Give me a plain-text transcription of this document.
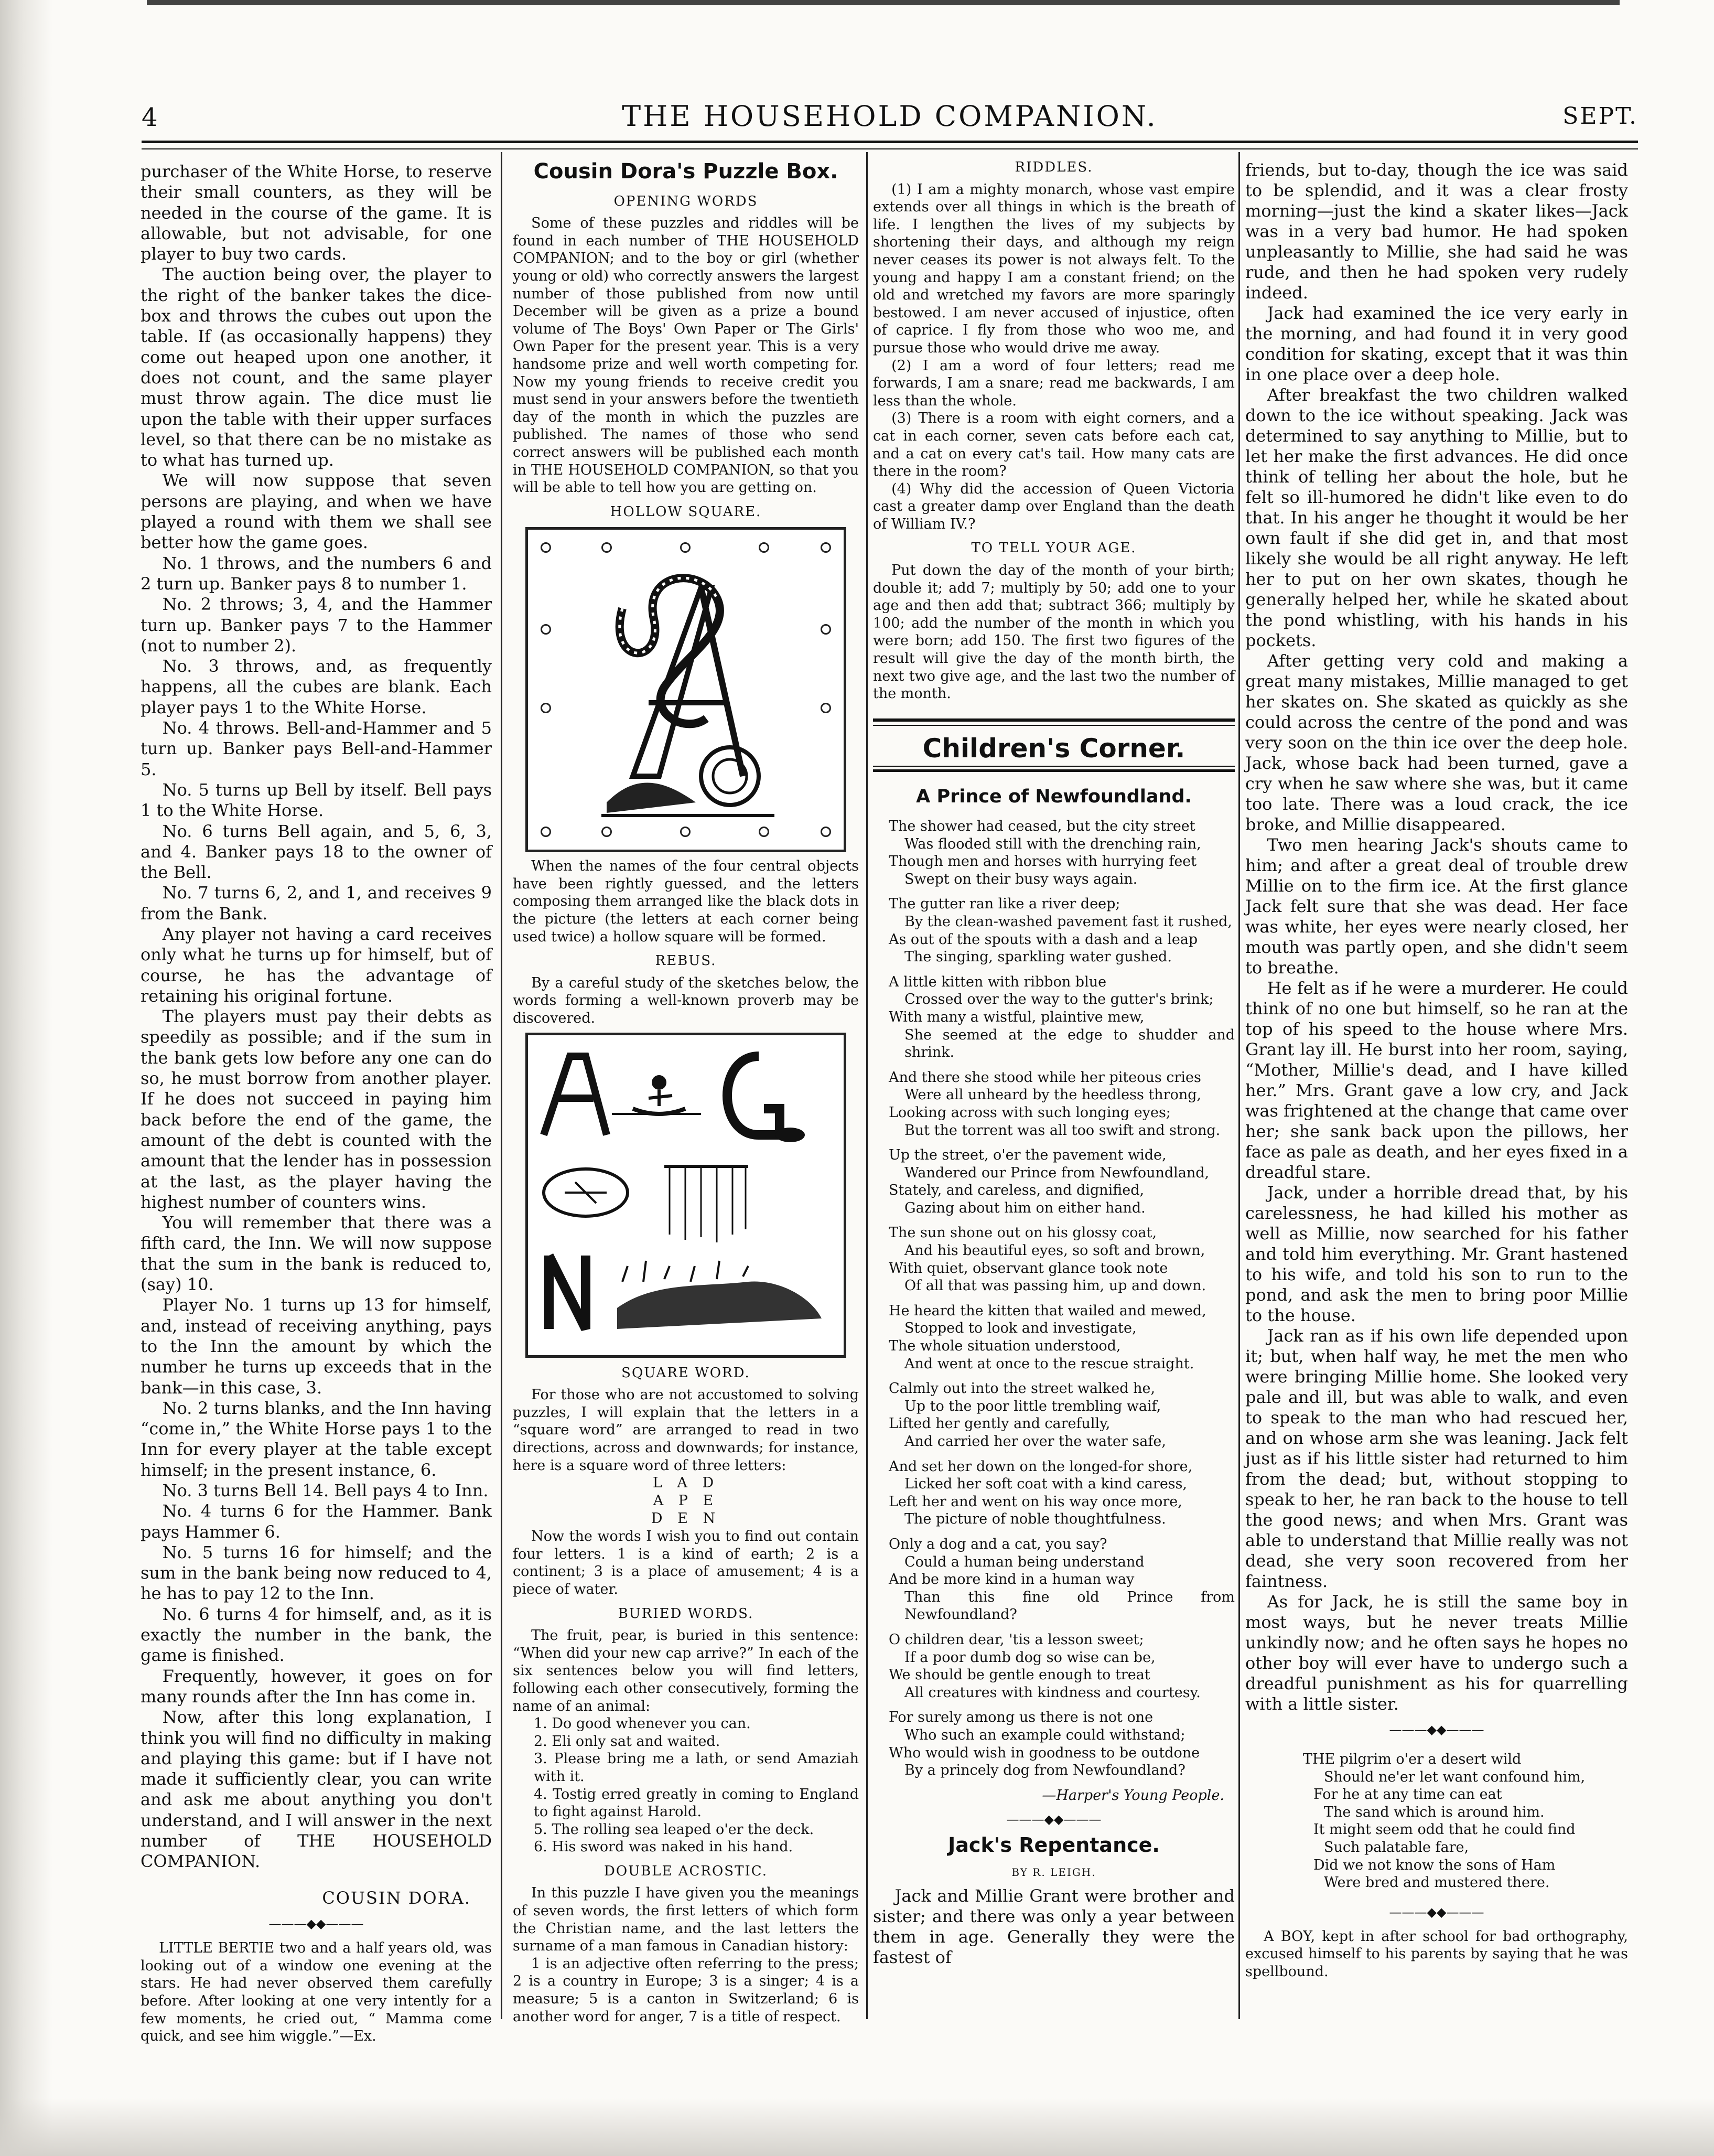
4	THE HOUSEHOLD COMPANION.	SEPT.

purchaser of the White Horse, to reserve their small counters, as they will be needed in the course of the game. It is allowable, but not advisable, for one player to buy two cards.

The auction being over, the player to the right of the banker takes the dice-box and throws the cubes out upon the table. If (as occasionally happens) they come out heaped upon one another, it does not count, and the same player must throw again. The dice must lie upon the table with their upper surfaces level, so that there can be no mistake as to what has turned up.

We will now suppose that seven persons are playing, and when we have played a round with them we shall see better how the game goes.

No. 1 throws, and the numbers 6 and 2 turn up. Banker pays 8 to number 1.

No. 2 throws; 3, 4, and the Hammer turn up. Banker pays 7 to the Hammer (not to number 2).

No. 3 throws, and, as frequently happens, all the cubes are blank. Each player pays 1 to the White Horse.

No. 4 throws. Bell-and-Hammer and 5 turn up. Banker pays Bell-and-Hammer 5.

No. 5 turns up Bell by itself. Bell pays 1 to the White Horse.

No. 6 turns Bell again, and 5, 6, 3, and 4. Banker pays 18 to the owner of the Bell.

No. 7 turns 6, 2, and 1, and receives 9 from the Bank.

Any player not having a card receives only what he turns up for himself, but of course, he has the advantage of retaining his original fortune.

The players must pay their debts as speedily as possible; and if the sum in the bank gets low before any one can do so, he must borrow from another player. If he does not succeed in paying him back before the end of the game, the amount of the debt is counted with the amount that the lender has in possession at the last, as the player having the highest number of counters wins.

You will remember that there was a fifth card, the Inn. We will now suppose that the sum in the bank is reduced to, (say) 10.

Player No. 1 turns up 13 for himself, and, instead of receiving anything, pays to the Inn the amount by which the number he turns up exceeds that in the bank—in this case, 3.

No. 2 turns blanks, and the Inn having “come in,” the White Horse pays 1 to the Inn for every player at the table except himself; in the present instance, 6.

No. 3 turns Bell 14. Bell pays 4 to Inn.

No. 4 turns 6 for the Hammer. Bank pays Hammer 6.

No. 5 turns 16 for himself; and the sum in the bank being now reduced to 4, he has to pay 12 to the Inn.

No. 6 turns 4 for himself, and, as it is exactly the number in the bank, the game is finished.

Frequently, however, it goes on for many rounds after the Inn has come in.

Now, after this long explanation, I think you will find no difficulty in making and playing this game: but if I have not made it sufficiently clear, you can write and ask me about anything you don't understand, and I will answer in the next number of THE HOUSEHOLD COMPANION.

COUSIN DORA.
———◆◆———

LITTLE BERTIE two and a half years old, was looking out of a window one evening at the stars. He had never observed them carefully before. After looking at one very intently for a few moments, he cried out, “ Mamma come quick, and see him wiggle.”—Ex.

Cousin Dora's Puzzle Box.
OPENING WORDS

Some of these puzzles and riddles will be found in each number of THE HOUSEHOLD COMPANION; and to the boy or girl (whether young or old) who correctly answers the largest number of those published from now until December will be given as a prize a bound volume of The Boys' Own Paper or The Girls' Own Paper for the present year. This is a very handsome prize and well worth competing for. Now my young friends to receive credit you must send in your answers before the twentieth day of the month in which the puzzles are published. The names of those who send correct answers will be published each month in THE HOUSEHOLD COMPANION, so that you will be able to tell how you are getting on.

HOLLOW SQUARE.

When the names of the four central objects have been rightly guessed, and the letters composing them arranged like the black dots in the picture (the letters at each corner being used twice) a hollow square will be formed.

REBUS.

By a careful study of the sketches below, the words forming a well-known proverb may be discovered.

SQUARE WORD.

For those who are not accustomed to solving puzzles, I will explain that the letters in a “square word” are arranged to read in two directions, across and downwards; for instance, here is a square word of three letters:

L A D
A P E
D E N

Now the words I wish you to find out contain four letters. 1 is a kind of earth; 2 is a continent; 3 is a place of amusement; 4 is a piece of water.

BURIED WORDS.

The fruit, pear, is buried in this sentence: “When did your new cap arrive?” In each of the six sentences below you will find letters, following each other consecutively, forming the name of an animal:

1. Do good whenever you can.
2. Eli only sat and waited.
3. Please bring me a lath, or send Amaziah with it.
4. Tostig erred greatly in coming to England to fight against Harold.
5. The rolling sea leaped o'er the deck.
6. His sword was naked in his hand.
DOUBLE ACROSTIC.

In this puzzle I have given you the meanings of seven words, the first letters of which form the Christian name, and the last letters the surname of a man famous in Canadian history:

1 is an adjective often referring to the press; 2 is a country in Europe; 3 is a singer; 4 is a measure; 5 is a canton in Switzerland; 6 is another word for anger, 7 is a title of respect.

RIDDLES.

(1) I am a mighty monarch, whose vast empire extends over all things in which is the breath of life. I lengthen the lives of my subjects by shortening their days, and although my reign never ceases its power is not always felt. To the young and happy I am a constant friend; on the old and wretched my favors are more sparingly bestowed. I am never accused of injustice, often of caprice. I fly from those who woo me, and pursue those who would drive me away.

(2) I am a word of four letters; read me forwards, I am a snare; read me backwards, I am less than the whole.

(3) There is a room with eight corners, and a cat in each corner, seven cats before each cat, and a cat on every cat's tail. How many cats are there in the room?

(4) Why did the accession of Queen Victoria cast a greater damp over England than the death of William IV.?

TO TELL YOUR AGE.

Put down the day of the month of your birth; double it; add 7; multiply by 50; add one to your age and then add that; subtract 366; multiply by 100; add the number of the month in which you were born; add 150. The first two figures of the result will give the day of the month birth, the next two give age, and the last two the number of the month.

Children's Corner.
A Prince of Newfoundland.
The shower had ceased, but the city street
Was flooded still with the drenching rain,
Though men and horses with hurrying feet
Swept on their busy ways again.
The gutter ran like a river deep;
By the clean-washed pavement fast it rushed,
As out of the spouts with a dash and a leap
The singing, sparkling water gushed.
A little kitten with ribbon blue
Crossed over the way to the gutter's brink;
With many a wistful, plaintive mew,
She seemed at the edge to shudder and shrink.
And there she stood while her piteous cries
Were all unheard by the heedless throng,
Looking across with such longing eyes;
But the torrent was all too swift and strong.
Up the street, o'er the pavement wide,
Wandered our Prince from Newfoundland,
Stately, and careless, and dignified,
Gazing about him on either hand.
The sun shone out on his glossy coat,
And his beautiful eyes, so soft and brown,
With quiet, observant glance took note
Of all that was passing him, up and down.
He heard the kitten that wailed and mewed,
Stopped to look and investigate,
The whole situation understood,
And went at once to the rescue straight.
Calmly out into the street walked he,
Up to the poor little trembling waif,
Lifted her gently and carefully,
And carried her over the water safe,
And set her down on the longed-for shore,
Licked her soft coat with a kind caress,
Left her and went on his way once more,
The picture of noble thoughtfulness.
Only a dog and a cat, you say?
Could a human being understand
And be more kind in a human way
Than this fine old Prince from Newfoundland?
O children dear, 'tis a lesson sweet;
If a poor dumb dog so wise can be,
We should be gentle enough to treat
All creatures with kindness and courtesy.
For surely among us there is not one
Who such an example could withstand;
Who would wish in goodness to be outdone
By a princely dog from Newfoundland?
—Harper's Young People.
———◆◆———
Jack's Repentance.
BY R. LEIGH.

Jack and Millie Grant were brother and sister; and there was only a year between them in age. Generally they were the fastest of

friends, but to-day, though the ice was said to be splendid, and it was a clear frosty morning—just the kind a skater likes—Jack was in a very bad humor. He had spoken unpleasantly to Millie, she had said he was rude, and then he had spoken very rudely indeed.

Jack had examined the ice very early in the morning, and had found it in very good condition for skating, except that it was thin in one place over a deep hole.

After breakfast the two children walked down to the ice without speaking. Jack was determined to say anything to Millie, but to let her make the first advances. He did once think of telling her about the hole, but he felt so ill-humored he didn't like even to do that. In his anger he thought it would be her own fault if she did get in, and that most likely she would be all right anyway. He left her to put on her own skates, though he generally helped her, while he skated about the pond whistling, with his hands in his pockets.

After getting very cold and making a great many mistakes, Millie managed to get her skates on. She skated as quickly as she could across the centre of the pond and was very soon on the thin ice over the deep hole. Jack, whose back had been turned, gave a cry when he saw where she was, but it came too late. There was a loud crack, the ice broke, and Millie disappeared.

Two men hearing Jack's shouts came to him; and after a great deal of trouble drew Millie on to the firm ice. At the first glance Jack felt sure that she was dead. Her face was white, her eyes were nearly closed, her mouth was partly open, and she didn't seem to breathe.

He felt as if he were a murderer. He could think of no one but himself, so he ran at the top of his speed to the house where Mrs. Grant lay ill. He burst into her room, saying, “Mother, Millie's dead, and I have killed her.” Mrs. Grant gave a low cry, and Jack was frightened at the change that came over her; she sank back upon the pillows, her face as pale as death, and her eyes fixed in a dreadful stare.

Jack, under a horrible dread that, by his carelessness, he had killed his mother as well as Millie, now searched for his father and told him everything. Mr. Grant hastened to his wife, and told his son to run to the pond, and ask the men to bring poor Millie to the house.

Jack ran as if his own life depended upon it; but, when half way, he met the men who were bringing Millie home. She looked very pale and ill, but was able to walk, and even to speak to the man who had rescued her, and on whose arm she was leaning. Jack felt just as if his little sister had returned to him from the dead; but, without stopping to speak to her, he ran back to the house to tell the good news; and when Mrs. Grant was able to understand that Millie really was not dead, she very soon recovered from her faintness.

As for Jack, he is still the same boy in most ways, but he never treats Millie unkindly now; and he often says he hopes no other boy will ever have to undergo such a dreadful punishment as his for quarrelling with a little sister.

———◆◆———
THE pilgrim o'er a desert wild
Should ne'er let want confound him,
For he at any time can eat
The sand which is around him.
It might seem odd that he could find
Such palatable fare,
Did we not know the sons of Ham
Were bred and mustered there.
———◆◆———

A BOY, kept in after school for bad orthography, excused himself to his parents by saying that he was spellbound.
